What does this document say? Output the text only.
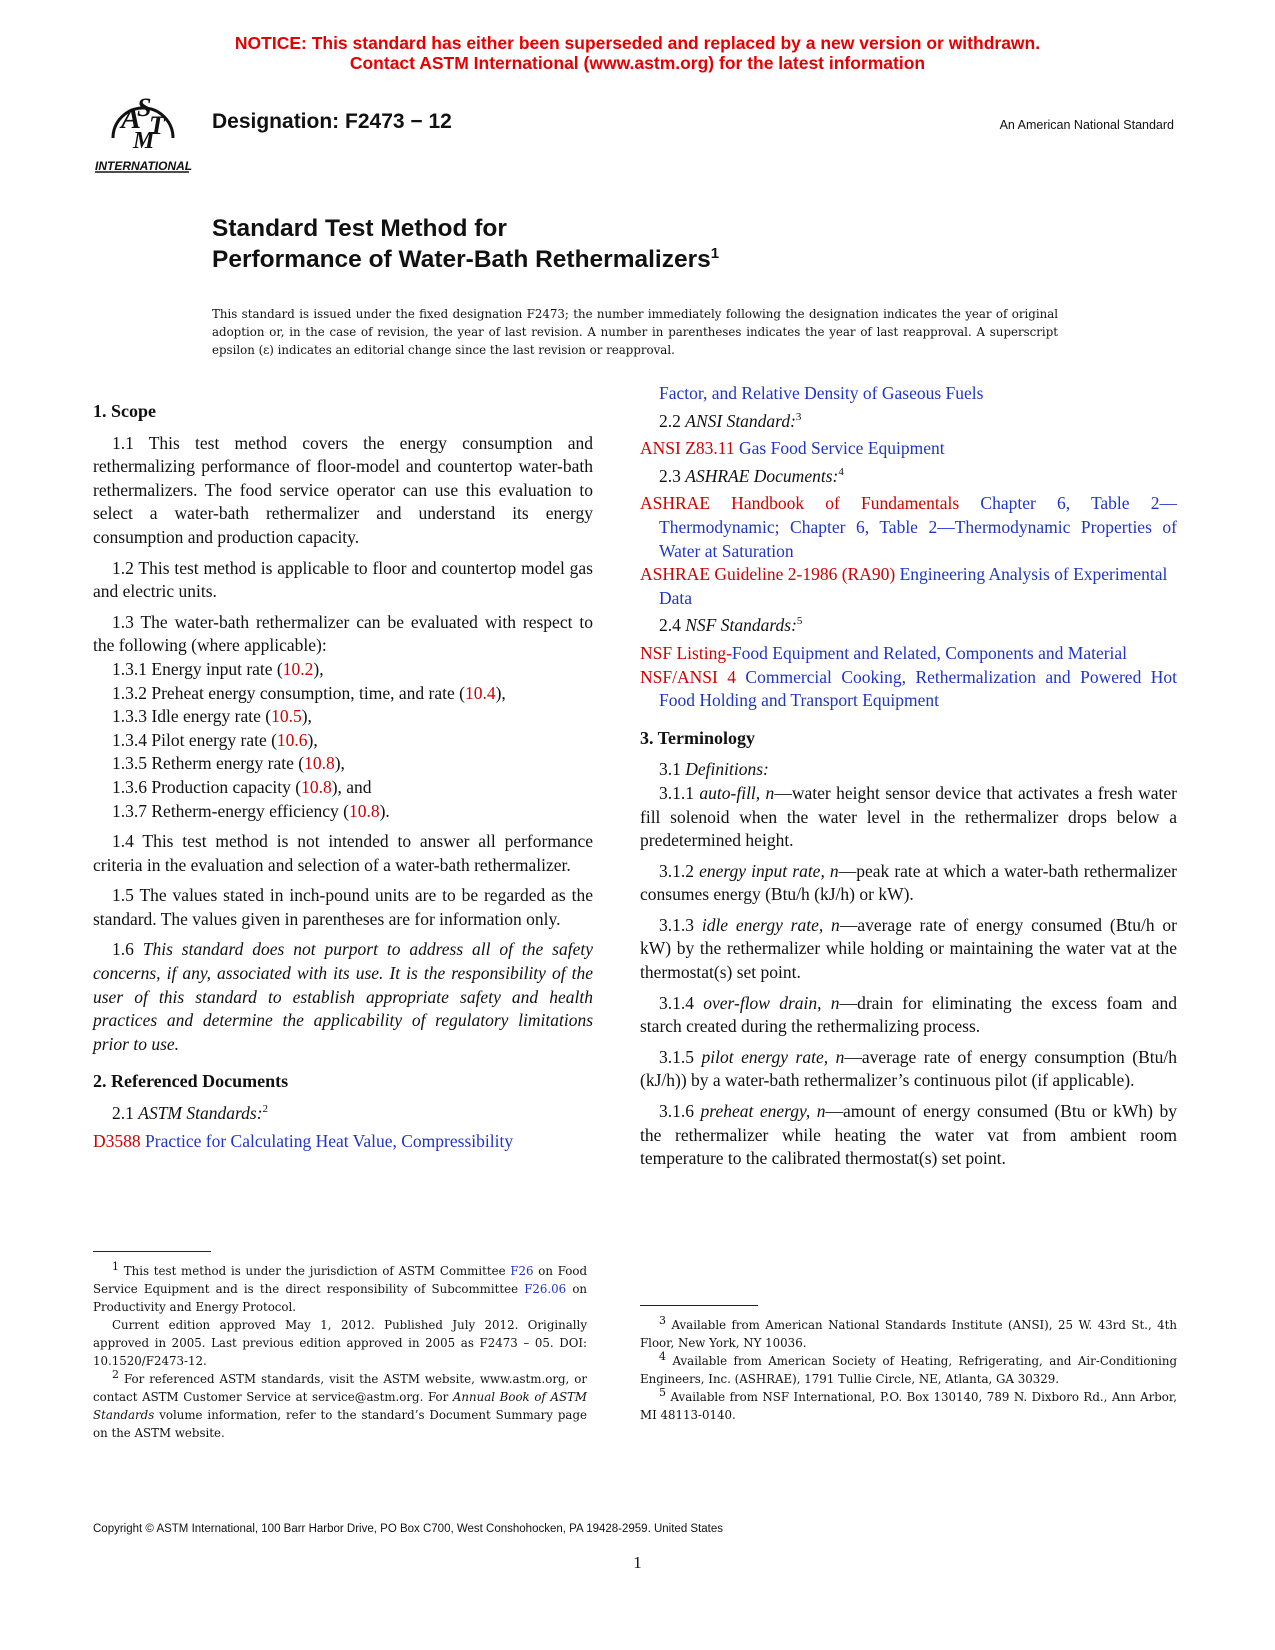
NOTICE: This standard has either been superseded and replaced by a new version or withdrawn.
Contact ASTM International (www.astm.org) for the latest information
A
S
T
M
INTERNATIONAL
Designation: F2473 − 12	An American National Standard
Standard Test Method for
Performance of Water-Bath Rethermalizers$^1$
This standard is issued under the fixed designation F2473; the number immediately following the designation indicates the year of original adoption or, in the case of revision, the year of last revision. A number in parentheses indicates the year of last reapproval. A superscript epsilon (ε) indicates an editorial change since the last revision or reapproval.
1. Scope

1.1 This test method covers the energy consumption and rethermalizing performance of floor-model and countertop water-bath rethermalizers. The food service operator can use this evaluation to select a water-bath rethermalizer and understand its energy consumption and production capacity.

1.2 This test method is applicable to floor and countertop model gas and electric units.

1.3 The water-bath rethermalizer can be evaluated with respect to the following (where applicable):

1.3.1 Energy input rate (10.2),

1.3.2 Preheat energy consumption, time, and rate (10.4),

1.3.3 Idle energy rate (10.5),

1.3.4 Pilot energy rate (10.6),

1.3.5 Retherm energy rate (10.8),

1.3.6 Production capacity (10.8), and

1.3.7 Retherm-energy efficiency (10.8).

1.4 This test method is not intended to answer all performance criteria in the evaluation and selection of a water-bath rethermalizer.

1.5 The values stated in inch-pound units are to be regarded as the standard. The values given in parentheses are for information only.

1.6 This standard does not purport to address all of the safety concerns, if any, associated with its use. It is the responsibility of the user of this standard to establish appropriate safety and health practices and determine the applicability of regulatory limitations prior to use.

2. Referenced Documents

2.1 ASTM Standards:$^2$

D3588 Practice for Calculating Heat Value, Compressibility

Factor, and Relative Density of Gaseous Fuels

2.2 ANSI Standard:$^3$

ANSI Z83.11 Gas Food Service Equipment

2.3 ASHRAE Documents:$^4$

ASHRAE Handbook of Fundamentals Chapter 6, Table 2—Thermodynamic; Chapter 6, Table 2—Thermodynamic Properties of Water at Saturation

ASHRAE Guideline 2-1986 (RA90) Engineering Analysis of Experimental Data

2.4 NSF Standards:$^5$

NSF Listing-Food Equipment and Related, Components and Material

NSF/ANSI 4 Commercial Cooking, Rethermalization and Powered Hot Food Holding and Transport Equipment

3. Terminology

3.1 Definitions:

3.1.1 auto-fill, n—water height sensor device that activates a fresh water fill solenoid when the water level in the rethermalizer drops below a predetermined height.

3.1.2 energy input rate, n—peak rate at which a water-bath rethermalizer consumes energy (Btu/h (kJ/h) or kW).

3.1.3 idle energy rate, n—average rate of energy consumed (Btu/h or kW) by the rethermalizer while holding or maintaining the water vat at the thermostat(s) set point.

3.1.4 over-flow drain, n—drain for eliminating the excess foam and starch created during the rethermalizing process.

3.1.5 pilot energy rate, n—average rate of energy consumption (Btu/h (kJ/h)) by a water-bath rethermalizer’s continuous pilot (if applicable).

3.1.6 preheat energy, n—amount of energy consumed (Btu or kWh) by the rethermalizer while heating the water vat from ambient room temperature to the calibrated thermostat(s) set point.

$^1$ This test method is under the jurisdiction of ASTM Committee F26 on Food Service Equipment and is the direct responsibility of Subcommittee F26.06 on Productivity and Energy Protocol.

Current edition approved May 1, 2012. Published July 2012. Originally approved in 2005. Last previous edition approved in 2005 as F2473 – 05. DOI: 10.1520/F2473-12.

$^2$ For referenced ASTM standards, visit the ASTM website, www.astm.org, or contact ASTM Customer Service at service@astm.org. For Annual Book of ASTM Standards volume information, refer to the standard’s Document Summary page on the ASTM website.

$^3$ Available from American National Standards Institute (ANSI), 25 W. 43rd St., 4th Floor, New York, NY 10036.

$^4$ Available from American Society of Heating, Refrigerating, and Air-Conditioning Engineers, Inc. (ASHRAE), 1791 Tullie Circle, NE, Atlanta, GA 30329.

$^5$ Available from NSF International, P.O. Box 130140, 789 N. Dixboro Rd., Ann Arbor, MI 48113-0140.

Copyright © ASTM International, 100 Barr Harbor Drive, PO Box C700, West Conshohocken, PA 19428-2959. United States
1
